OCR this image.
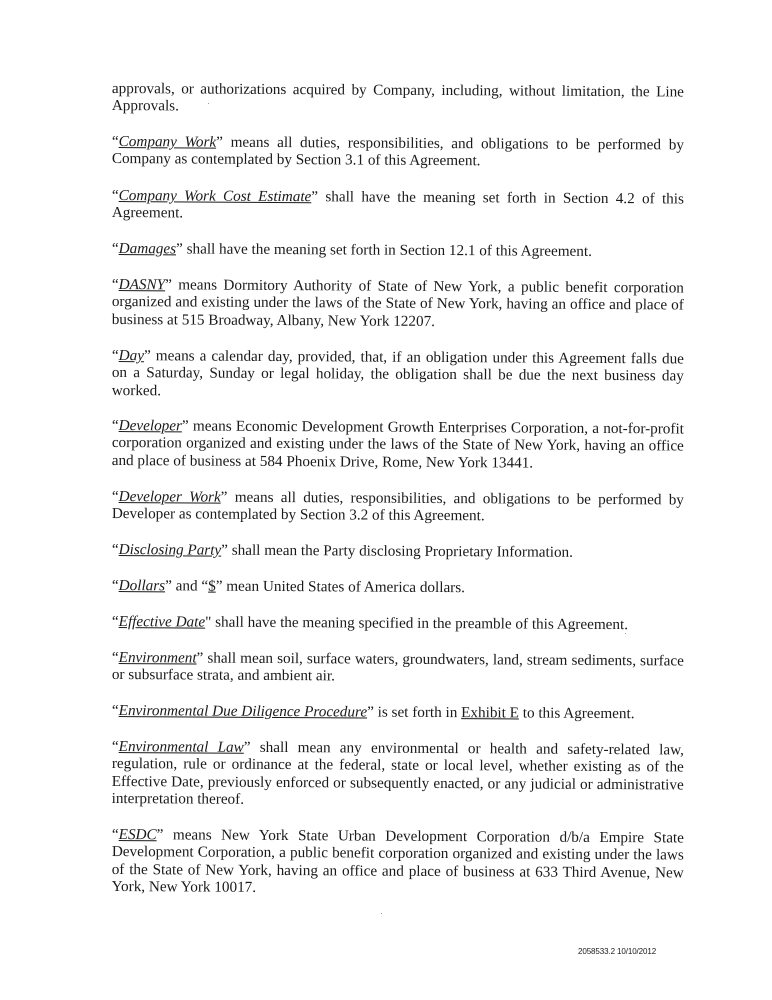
approvals, or authorizations acquired by Company, including, without limitation, the Line Approvals.

“Company Work” means all duties, responsibilities, and obligations to be performed by Company as contemplated by Section 3.1 of this Agreement.

“Company Work Cost Estimate” shall have the meaning set forth in Section 4.2 of this Agreement.

“Damages” shall have the meaning set forth in Section 12.1 of this Agreement.

“DASNY” means Dormitory Authority of State of New York, a public benefit corporation organized and existing under the laws of the State of New York, having an office and place of business at 515 Broadway, Albany, New York 12207.

“Day” means a calendar day, provided, that, if an obligation under this Agreement falls due on a Saturday, Sunday or legal holiday, the obligation shall be due the next business day worked.

“Developer” means Economic Development Growth Enterprises Corporation, a not-for-profit corporation organized and existing under the laws of the State of New York, having an office and place of business at 584 Phoenix Drive, Rome, New York 13441.

“Developer Work” means all duties, responsibilities, and obligations to be performed by Developer as contemplated by Section 3.2 of this Agreement.

“Disclosing Party” shall mean the Party disclosing Proprietary Information.

“Dollars” and “$” mean United States of America dollars.

“Effective Date" shall have the meaning specified in the preamble of this Agreement.

“Environment” shall mean soil, surface waters, groundwaters, land, stream sediments, surface or subsurface strata, and ambient air.

“Environmental Due Diligence Procedure” is set forth in Exhibit E to this Agreement.

“Environmental Law” shall mean any environmental or health and safety-related law, regulation, rule or ordinance at the federal, state or local level, whether existing as of the Effective Date, previously enforced or subsequently enacted, or any judicial or administrative interpretation thereof.

“ESDC” means New York State Urban Development Corporation d/b/a Empire State Development Corporation, a public benefit corporation organized and existing under the laws of the State of New York, having an office and place of business at 633 Third Avenue, New York, New York 10017.

2058533.2 10/10/2012
